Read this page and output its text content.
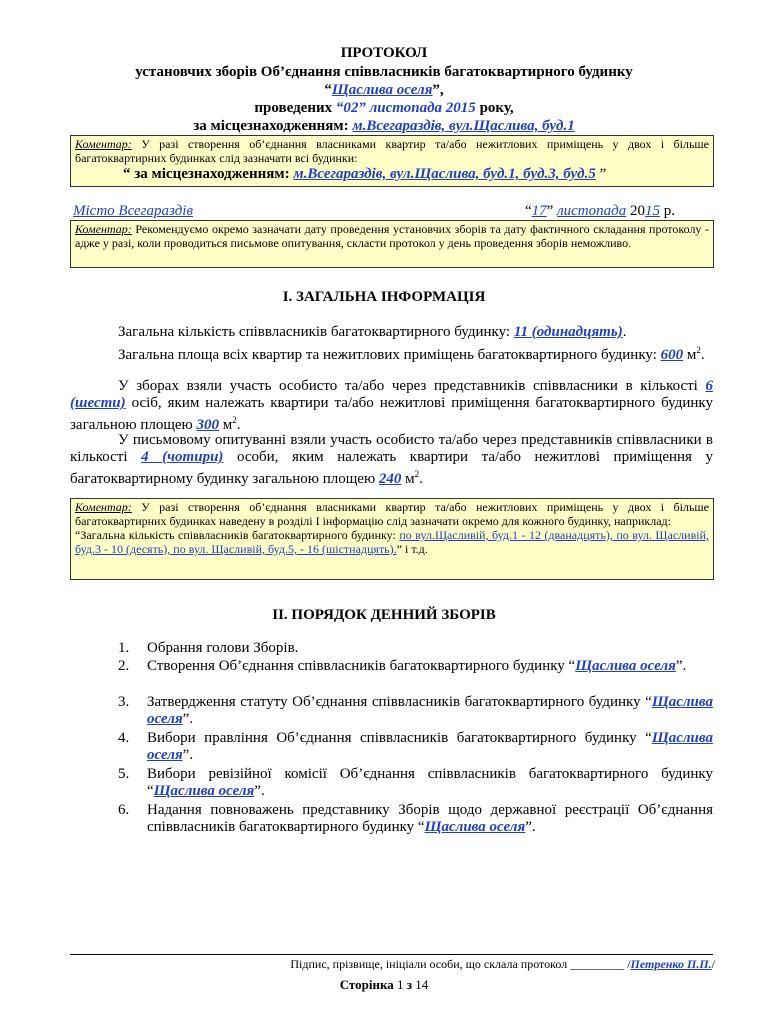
ПРОТОКОЛ
установчих зборів Об’єднання співвласників багатоквартирного будинку
“Щаслива оселя”,
проведених “02” листопада 2015 року,
за місцезнаходженням: м.Всегараздів, вул.Щаслива, буд.1
Коментар: У разі створення об’єднання власниками квартир та/або нежитлових приміщень у двох і більше багатоквартирних будинках слід зазначати всі будинки:
“ за місцезнаходженням: м.Всегараздів, вул.Щаслива, буд.1, буд.3, буд.5 ”
Місто Всегараздів	“17” листопада 2015 р.
Коментар: Рекомендуємо окремо зазначати дату проведення установчих зборів та дату фактичного складання протоколу - адже у разі, коли проводиться письмове опитування, скласти протокол у день проведення зборів неможливо.
І. ЗАГАЛЬНА ІНФОРМАЦІЯ
Загальна кількість співвласників багатоквартирного будинку: 11 (одинадцять).
Загальна площа всіх квартир та нежитлових приміщень багатоквартирного будинку: 600 $м^2$.
У зборах взяли участь особисто та/або через представників співвласники в кількості 6 (шести) осіб, яким належать квартири та/або нежитлові приміщення багатоквартирного будинку загальною площею 300 $м^2$.
У письмовому опитуванні взяли участь особисто та/або через представників співвласники в кількості 4 (чотири) особи, яким належать квартири та/або нежитлові приміщення у багатоквартирному будинку загальною площею 240 $м^2$.
Коментар: У разі створення об’єднання власниками квартир та/або нежитлових приміщень у двох і більше багатоквартирних будинках наведену в розділі І інформацію слід зазначати окремо для кожного будинку, наприклад:
“Загальна кількість співвласників багатоквартирного будинку: по вул.Щасливій, буд.1 - 12 (дванадцять), по вул. Щасливій, буд.3 - 10 (десять), по вул. Щасливій, буд.5, - 16 (шістнадцять).” і т.д.
ІІ. ПОРЯДОК ДЕННИЙ ЗБОРІВ
1.	Обрання голови Зборів.
2.	Створення Об’єднання співвласників багатоквартирного будинку “Щаслива оселя”.
3.	Затвердження статуту Об’єднання співвласників багатоквартирного будинку “Щаслива оселя”.
4.	Вибори правління Об’єднання співвласників багатоквартирного будинку “Щаслива оселя”.
5.	Вибори ревізійної комісії Об’єднання співвласників багатоквартирного будинку “Щаслива оселя”.
6.	Надання повноважень представнику Зборів щодо державної реєстрації Об’єднання співвласників багатоквартирного будинку “Щаслива оселя”.
Підпис, прізвище, ініціали особи, що склала протокол _________ /Петренко П.П./
Сторінка 1 з 14
